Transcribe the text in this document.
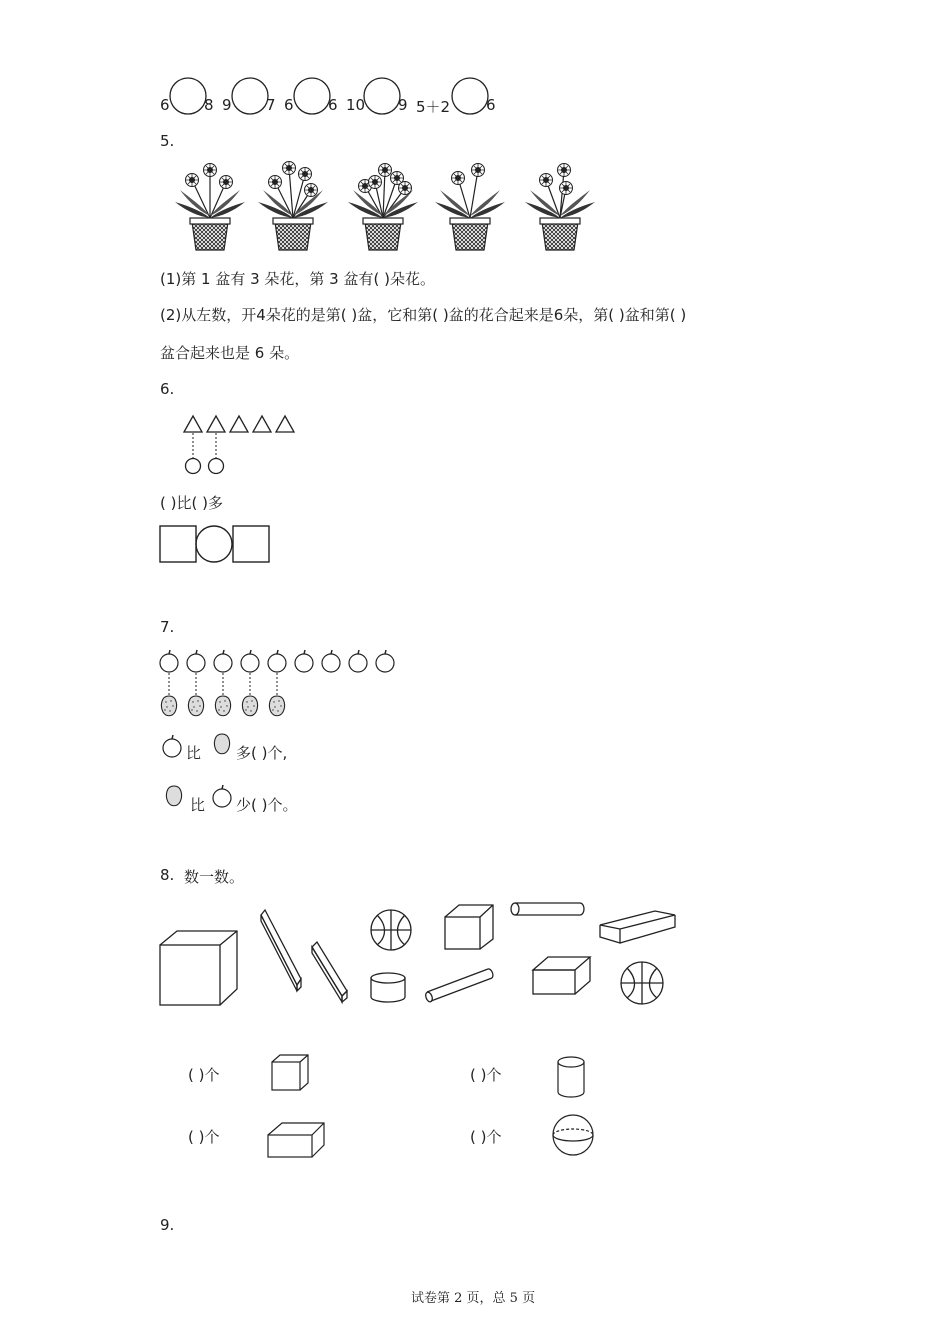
6 8 9 7 6 6 10 9 5＋2 6
5.
(1)第 1 盆有 3 朵花，第 3 盆有( )朵花。
(2)从左数，开4朵花的是第( )盆，它和第( )盆的花合起来是6朵，第( )盆和第( )
盆合起来也是 6 朵。
6.
( )比( )多
7.
比 多( )个,
比 少( )个。
8. 数一数。
( )个	( )个
( )个	( )个
9.
试卷第 2 页，总 5 页
